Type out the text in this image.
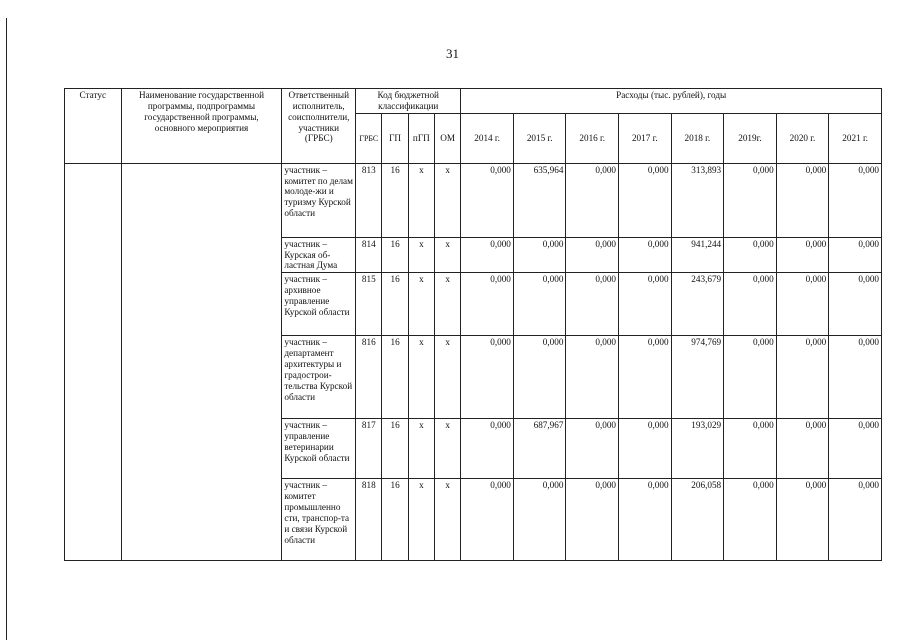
31
Статус	Наименование государственной программы, подпрограммы государственной программы, основного мероприятия	Ответственный исполнитель, соисполнители, участники (ГРБС)	Код бюджетной классификации				Расходы (тыс. рублей), годы							
			ГРБС	ГП	пГП	ОМ	2014 г.	2015 г.	2016 г.	2017 г.	2018 г.	2019г.	2020 г.	2021 г.
		участник – комитет по делам молоде-жи и туризму Курской области	813	16	x	x	0,000	635,964	0,000	0,000	313,893	0,000	0,000	0,000
		участник – Курская об-ластная Дума	814	16	x	x	0,000	0,000	0,000	0,000	941,244	0,000	0,000	0,000
		участник – архивное управление Курской области	815	16	x	x	0,000	0,000	0,000	0,000	243,679	0,000	0,000	0,000
		участник – департамент архитектуры и градострои-тельства Курской области	816	16	x	x	0,000	0,000	0,000	0,000	974,769	0,000	0,000	0,000
		участник – управление ветеринарии Курской области	817	16	x	x	0,000	687,967	0,000	0,000	193,029	0,000	0,000	0,000
		участник – комитет промышленно сти, транспор-та и связи Курской области	818	16	x	x	0,000	0,000	0,000	0,000	206,058	0,000	0,000	0,000
